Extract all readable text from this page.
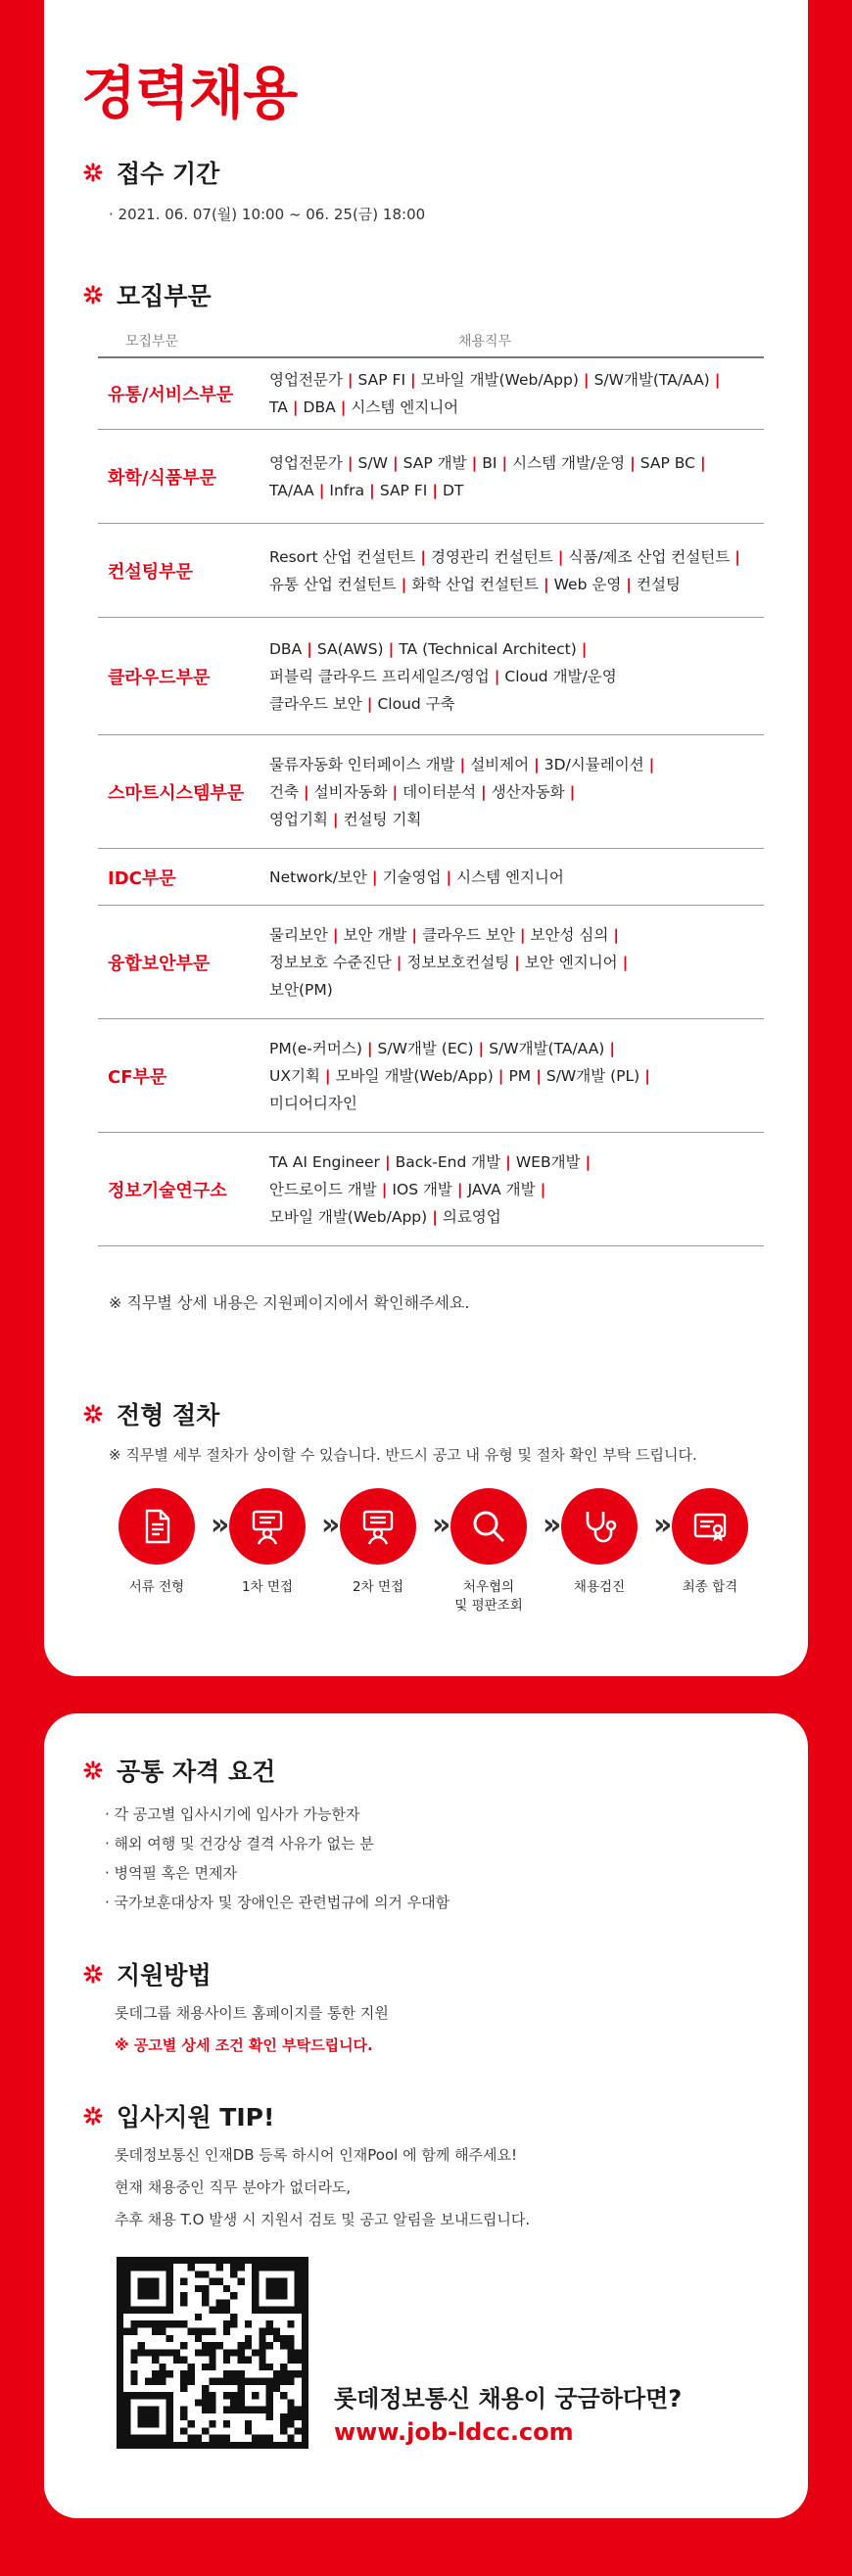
경력채용
접수 기간
· 2021. 06. 07(월) 10:00 ~ 06. 25(금) 18:00
모집부문
모집부문	채용직무
유통/서비스부문
영업전문가 | SAP FI | 모바일 개발(Web/App) | S/W개발(TA/AA) |
TA | DBA | 시스템 엔지니어
화학/식품부문
영업전문가 | S/W | SAP 개발 | BI | 시스템 개발/운영 | SAP BC |
TA/AA | Infra | SAP FI | DT
컨설팅부문
Resort 산업 컨설턴트 | 경영관리 컨설턴트 | 식품/제조 산업 컨설턴트 |
유통 산업 컨설턴트 | 화학 산업 컨설턴트 | Web 운영 | 컨설팅
클라우드부문
DBA | SA(AWS) | TA (Technical Architect) |
퍼블릭 클라우드 프리세일즈/영업 | Cloud 개발/운영
클라우드 보안 | Cloud 구축
스마트시스템부문
물류자동화 인터페이스 개발 | 설비제어 | 3D/시뮬레이션 |
건축 | 설비자동화 | 데이터분석 | 생산자동화 |
영업기획 | 컨설팅 기획
IDC부문	Network/보안 | 기술영업 | 시스템 엔지니어
융합보안부문
물리보안 | 보안 개발 | 클라우드 보안 | 보안성 심의 |
정보보호 수준진단 | 정보보호컨설팅 | 보안 엔지니어 |
보안(PM)
CF부문
PM(e-커머스) | S/W개발 (EC) | S/W개발(TA/AA) |
UX기획 | 모바일 개발(Web/App) | PM | S/W개발 (PL) |
미디어디자인
정보기술연구소
TA AI Engineer | Back-End 개발 | WEB개발 |
안드로이드 개발 | IOS 개발 | JAVA 개발 |
모바일 개발(Web/App) | 의료영업
※ 직무별 상세 내용은 지원페이지에서 확인해주세요.
전형 절차
※ 직무별 세부 절차가 상이할 수 있습니다. 반드시 공고 내 유형 및 절차 확인 부탁 드립니다.
서류 전형
»
1차 면접
»
2차 면접
»
처우협의
및 평판조회
»
채용검진
»
최종 합격
공통 자격 요건
· 각 공고별 입사시기에 입사가 가능한자
· 해외 여행 및 건강상 결격 사유가 없는 분
· 병역필 혹은 면제자
· 국가보훈대상자 및 장애인은 관련법규에 의거 우대함
지원방법
롯데그룹 채용사이트 홈페이지를 통한 지원
※ 공고별 상세 조건 확인 부탁드립니다.
입사지원 TIP!
롯데정보통신 인재DB 등록 하시어 인재Pool 에 함께 해주세요!
현재 채용중인 직무 분야가 없더라도,
추후 채용 T.O 발생 시 지원서 검토 및 공고 알림을 보내드립니다.
롯데정보통신 채용이 궁금하다면?
www.job-ldcc.com
